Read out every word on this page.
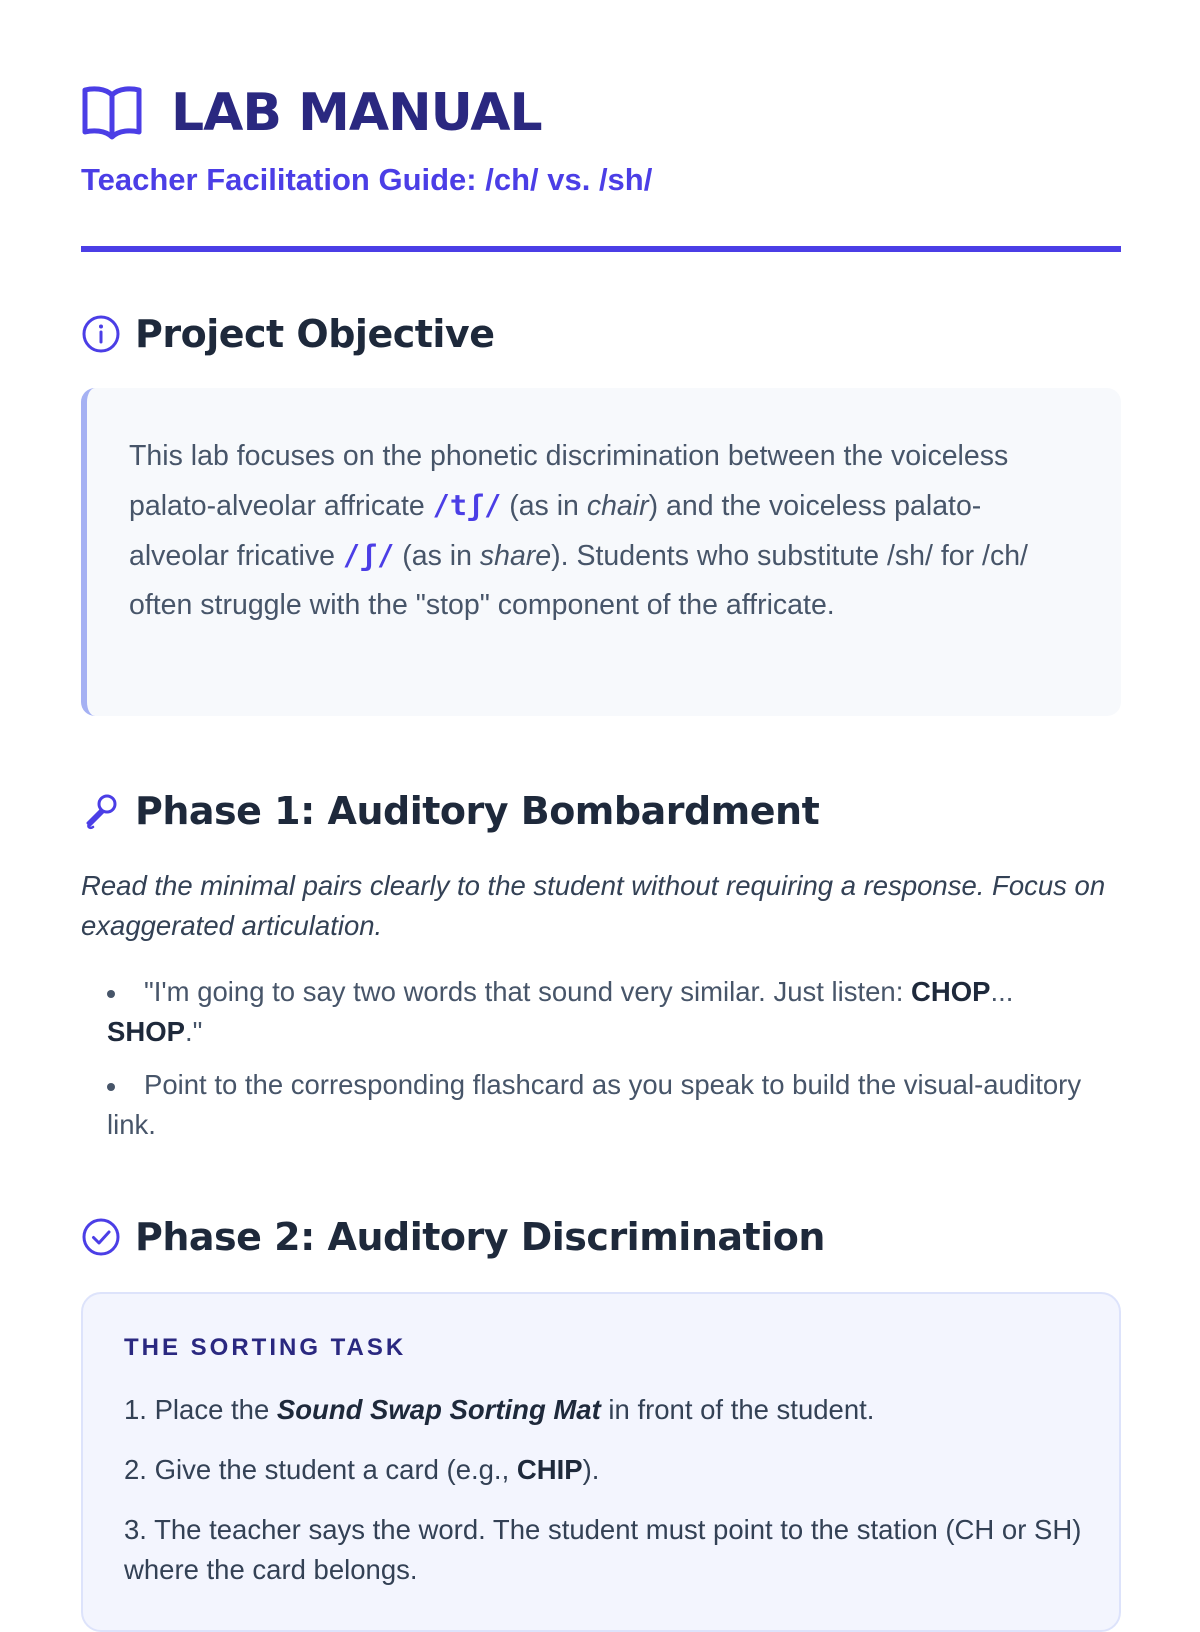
LAB MANUAL
Teacher Facilitation Guide: /ch/ vs. /sh/
Project Objective
This lab focuses on the phonetic discrimination between the voiceless palato-alveolar affricate /tʃ/ (as in chair) and the voiceless palato-alveolar fricative /ʃ/ (as in share). Students who substitute /sh/ for /ch/ often struggle with the "stop" component of the affricate.
Phase 1: Auditory Bombardment
Read the minimal pairs clearly to the student without requiring a response. Focus on exaggerated articulation.
"I'm going to say two words that sound very similar. Just listen: CHOP... SHOP."
Point to the corresponding flashcard as you speak to build the visual-auditory link.
Phase 2: Auditory Discrimination
THE SORTING TASK
1. Place the Sound Swap Sorting Mat in front of the student.
2. Give the student a card (e.g., CHIP).
3. The teacher says the word. The student must point to the station (CH or SH) where the card belongs.
